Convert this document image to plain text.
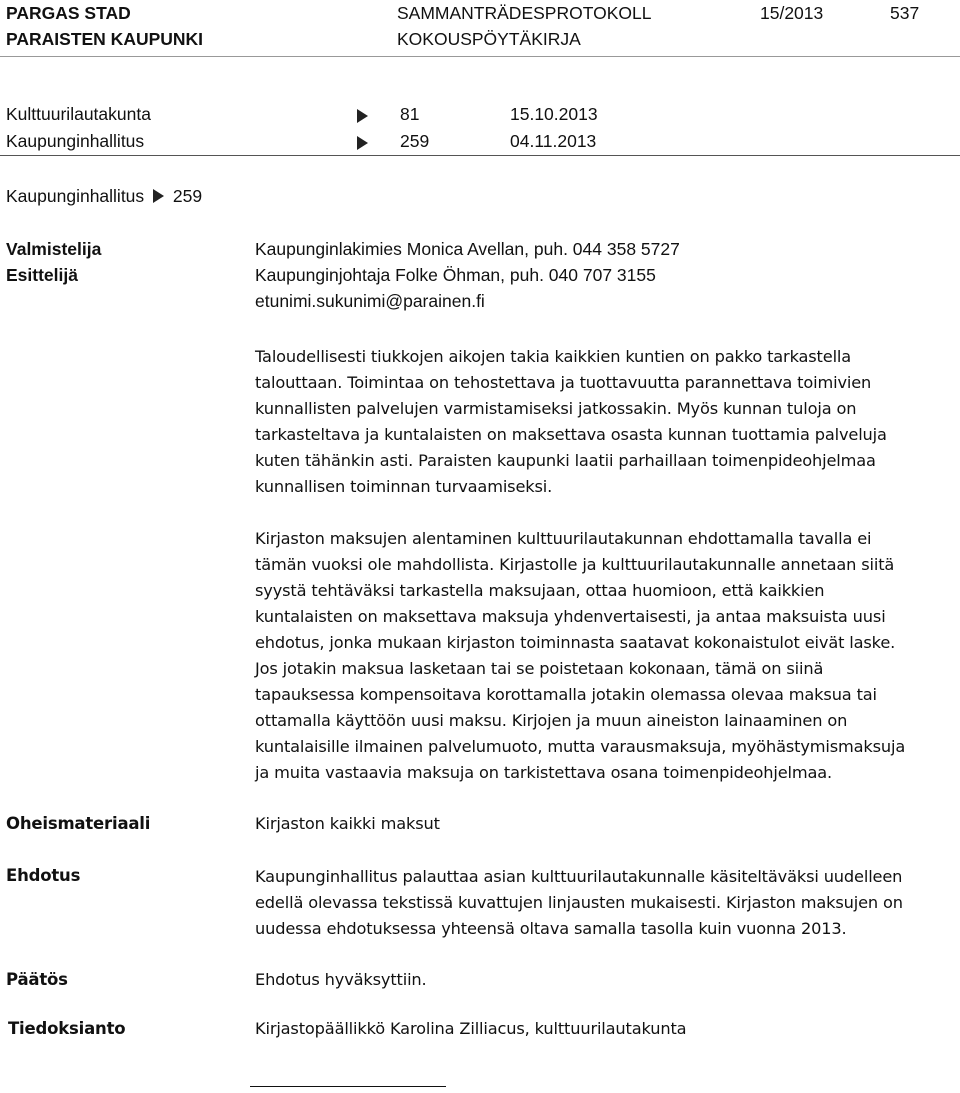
PARGAS STAD
PARAISTEN KAUPUNKI
SAMMANTRÄDESPROTOKOLL
KOKOUSPÖYTÄKIRJA
15/2013	537
Kulttuurilautakunta	81	15.10.2013
Kaupunginhallitus	259	04.11.2013
Kaupunginhallitus 259
Valmistelija	Kaupunginlakimies Monica Avellan, puh. 044 358 5727
Esittelijä	Kaupunginjohtaja Folke Öhman, puh. 040 707 3155
etunimi.sukunimi@parainen.fi

Taloudellisesti tiukkojen aikojen takia kaikkien kuntien on pakko tarkastella

talouttaan. Toimintaa on tehostettava ja tuottavuutta parannettava toimivien

kunnallisten palvelujen varmistamiseksi jatkossakin. Myös kunnan tuloja on

tarkasteltava ja kuntalaisten on maksettava osasta kunnan tuottamia palveluja

kuten tähänkin asti. Paraisten kaupunki laatii parhaillaan toimenpideohjelmaa

kunnallisen toiminnan turvaamiseksi.

Kirjaston maksujen alentaminen kulttuurilautakunnan ehdottamalla tavalla ei

tämän vuoksi ole mahdollista. Kirjastolle ja kulttuurilautakunnalle annetaan siitä

syystä tehtäväksi tarkastella maksujaan, ottaa huomioon, että kaikkien

kuntalaisten on maksettava maksuja yhdenvertaisesti, ja antaa maksuista uusi

ehdotus, jonka mukaan kirjaston toiminnasta saatavat kokonaistulot eivät laske.

Jos jotakin maksua lasketaan tai se poistetaan kokonaan, tämä on siinä

tapauksessa kompensoitava korottamalla jotakin olemassa olevaa maksua tai

ottamalla käyttöön uusi maksu. Kirjojen ja muun aineiston lainaaminen on

kuntalaisille ilmainen palvelumuoto, mutta varausmaksuja, myöhästymismaksuja

ja muita vastaavia maksuja on tarkistettava osana toimenpideohjelmaa.

Oheismateriaali	Kirjaston kaikki maksut
Ehdotus	Kaupunginhallitus palauttaa asian kulttuurilautakunnalle käsiteltäväksi uudelleen

edellä olevassa tekstissä kuvattujen linjausten mukaisesti. Kirjaston maksujen on

uudessa ehdotuksessa yhteensä oltava samalla tasolla kuin vuonna 2013.

Päätös	Ehdotus hyväksyttiin.
Tiedoksianto	Kirjastopäällikkö Karolina Zilliacus, kulttuurilautakunta
